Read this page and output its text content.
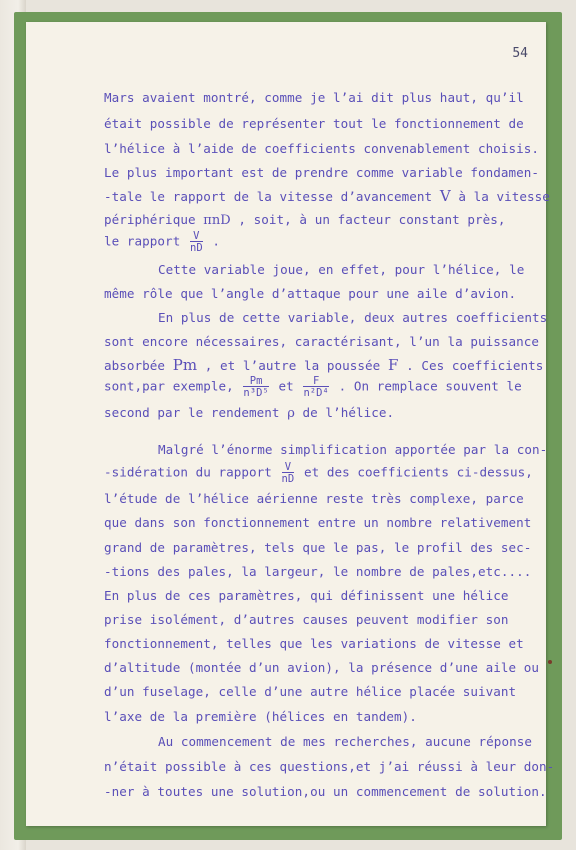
54
Mars avaient montré, comme je l’ai dit plus haut, qu’il
était possible de représenter tout le fonctionnement de
l’hélice à l’aide de coefficients convenablement choisis.
Le plus important est de prendre comme variable fondamen-
-tale le rapport de la vitesse d’avancement V à la vitesse
périphérique πnD , soit, à un facteur constant près,
le rapport $\frac{V}{nD}$ .
Cette variable joue, en effet, pour l’hélice, le
même rôle que l’angle d’attaque pour une aile d’avion.
En plus de cette variable, deux autres coefficients
sont encore nécessaires, caractérisant, l’un la puissance
absorbée Pm , et l’autre la poussée F . Ces coefficients
sont,par exemple, $\frac{Pm}{\text{n³D⁵}}$ et $\frac{F}{\text{n²D⁴}}$ . On remplace souvent le
second par le rendement ρ de l’hélice.
Malgré l’énorme simplification apportée par la con-
-sidération du rapport $\frac{V}{nD}$ et des coefficients ci-dessus,
l’étude de l’hélice aérienne reste très complexe, parce
que dans son fonctionnement entre un nombre relativement
grand de paramètres, tels que le pas, le profil des sec-
-tions des pales, la largeur, le nombre de pales,etc....
En plus de ces paramètres, qui définissent une hélice
prise isolément, d’autres causes peuvent modifier son
fonctionnement, telles que les variations de vitesse et
d’altitude (montée d’un avion), la présence d’une aile ou
d’un fuselage, celle d’une autre hélice placée suivant
l’axe de la première (hélices en tandem).
Au commencement de mes recherches, aucune réponse
n’était possible à ces questions,et j’ai réussi à leur don-
-ner à toutes une solution,ou un commencement de solution.
